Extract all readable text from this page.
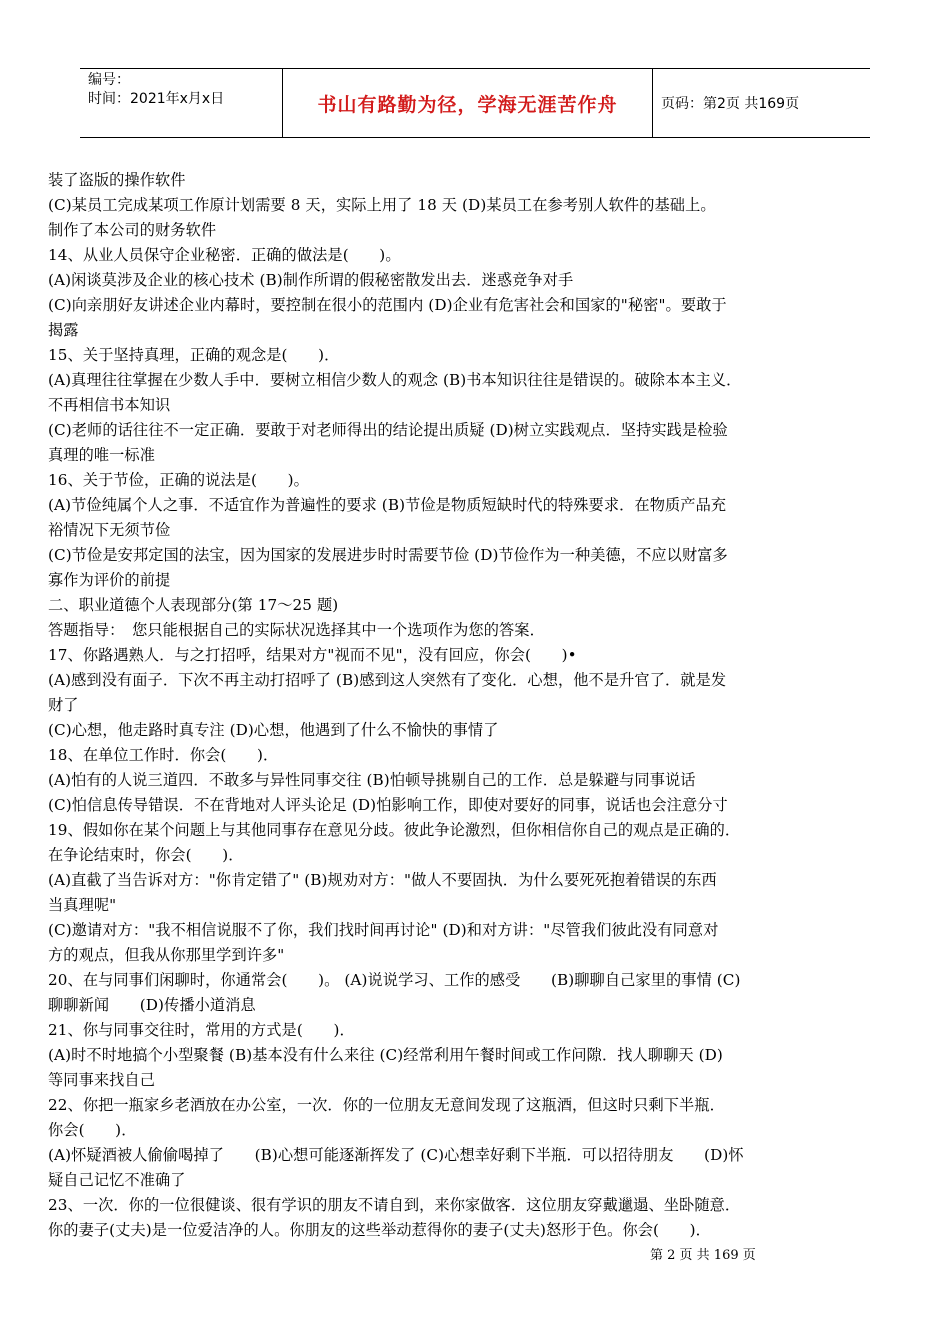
编号：
时间：2021年x月x日	书山有路勤为径，学海无涯苦作舟	页码：第2页 共169页
装了盗版的操作软件
(C)某员工完成某项工作原计划需要 8 天，实际上用了 18 天 (D)某员工在参考别人软件的基础上。
制作了本公司的财务软件
14、从业人员保守企业秘密．正确的做法是(　　)。
(A)闲谈莫涉及企业的核心技术 (B)制作所谓的假秘密散发出去．迷惑竞争对手
(C)向亲朋好友讲述企业内幕时，要控制在很小的范围内 (D)企业有危害社会和国家的"秘密"。要敢于
揭露
15、关于坚持真理，正确的观念是(　　)．
(A)真理往往掌握在少数人手中．要树立相信少数人的观念 (B)书本知识往往是错误的。破除本本主义．
不再相信书本知识
(C)老师的话往往不一定正确．要敢于对老师得出的结论提出质疑 (D)树立实践观点．坚持实践是检验
真理的唯一标准
16、关于节俭，正确的说法是(　　)。
(A)节俭纯属个人之事．不适宜作为普遍性的要求 (B)节俭是物质短缺时代的特殊要求．在物质产品充
裕情况下无须节俭
(C)节俭是安邦定国的法宝，因为国家的发展进步时时需要节俭 (D)节俭作为一种美德，不应以财富多
寡作为评价的前提
二、职业道德个人表现部分(第 17～25 题)
答题指导：　您只能根据自己的实际状况选择其中一个选项作为您的答案．
17、你路遇熟人．与之打招呼，结果对方"视而不见"，没有回应，你会(　　)•
(A)感到没有面子．下次不再主动打招呼了 (B)感到这人突然有了变化．心想，他不是升官了．就是发
财了
(C)心想，他走路时真专注 (D)心想，他遇到了什么不愉快的事情了
18、在单位工作时．你会(　　)．
(A)怕有的人说三道四．不敢多与异性同事交往 (B)怕顿导挑剔自己的工作．总是躲避与同事说话
(C)怕信息传导错误．不在背地对人评头论足 (D)怕影响工作，即使对要好的同事，说话也会注意分寸
19、假如你在某个问题上与其他同事存在意见分歧。彼此争论激烈，但你相信你自己的观点是正确的．
在争论结束时，你会(　　)．
(A)直截了当告诉对方："你肯定错了" (B)规劝对方："做人不要固执．为什么要死死抱着错误的东西
当真理呢"
(C)邀请对方："我不相信说服不了你，我们找时间再讨论" (D)和对方讲："尽管我们彼此没有同意对
方的观点，但我从你那里学到许多"
20、在与同事们闲聊时，你通常会(　　)。 (A)说说学习、工作的感受　　(B)聊聊自己家里的事情 (C)
聊聊新闻　　(D)传播小道消息
21、你与同事交往时，常用的方式是(　　)．
(A)时不时地搞个小型聚餐 (B)基本没有什么来往 (C)经常利用午餐时间或工作问隙．找人聊聊天 (D)
等同事来找自己
22、你把一瓶家乡老酒放在办公室，一次．你的一位朋友无意间发现了这瓶酒，但这时只剩下半瓶．
你会(　　)．
(A)怀疑酒被人偷偷喝掉了　　(B)心想可能逐渐挥发了 (C)心想幸好剩下半瓶．可以招待朋友　　(D)怀
疑自己记忆不准确了
23、一次．你的一位很健谈、很有学识的朋友不请自到，来你家做客．这位朋友穿戴邋遢、坐卧随意．
你的妻子(丈夫)是一位爱洁净的人。你朋友的这些举动惹得你的妻子(丈夫)怒形于色。你会(　　)．
第 2 页 共 169 页
